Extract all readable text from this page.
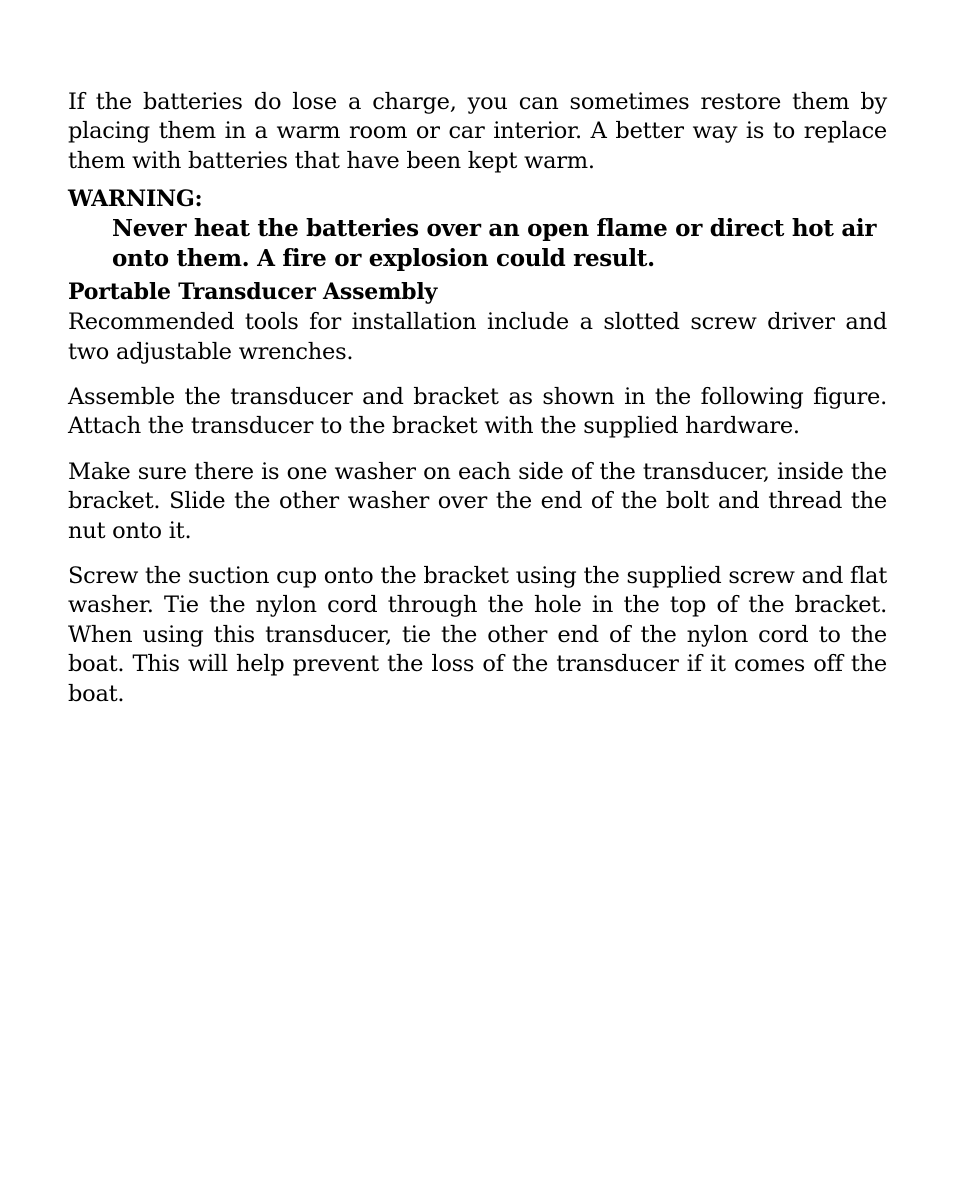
If the batteries do lose a charge, you can sometimes restore them by placing them in a warm room or car interior. A better way is to replace them with batteries that have been kept warm.

WARNING:

Never heat the batteries over an open flame or direct hot air onto them. A fire or explosion could result.

Portable Transducer Assembly

Recommended tools for installation include a slotted screw driver and two adjustable wrenches.

Assemble the transducer and bracket as shown in the following figure. Attach the transducer to the bracket with the supplied hardware.

Make sure there is one washer on each side of the transducer, inside the bracket. Slide the other washer over the end of the bolt and thread the nut onto it.

Screw the suction cup onto the bracket using the supplied screw and flat washer. Tie the nylon cord through the hole in the top of the bracket. When using this transducer, tie the other end of the nylon cord to the boat. This will help prevent the loss of the transducer if it comes off the boat.
